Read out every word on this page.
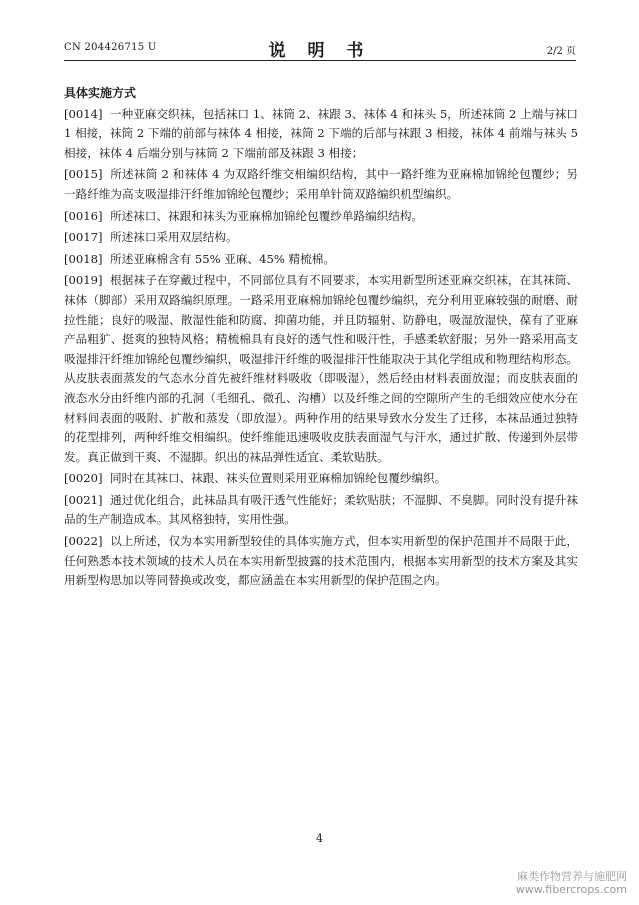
CN 204426715 U	说 明 书	2/2 页
具体实施方式

[0014] 一种亚麻交织袜，包括袜口 1、袜筒 2、袜跟 3、袜体 4 和袜头 5，所述袜筒 2 上端与袜口 1 相接，袜筒 2 下端的前部与袜体 4 相接，袜筒 2 下端的后部与袜跟 3 相接，袜体 4 前端与袜头 5 相接，袜体 4 后端分别与袜筒 2 下端前部及袜跟 3 相接；

[0015] 所述袜筒 2 和袜体 4 为双路纤维交相编织结构，其中一路纤维为亚麻棉加锦纶包覆纱；另一路纤维为高支吸湿排汗纤维加锦纶包覆纱；采用单针筒双路编织机型编织。

[0016] 所述袜口、袜跟和袜头为亚麻棉加锦纶包覆纱单路编织结构。

[0017] 所述袜口采用双层结构。

[0018] 所述亚麻棉含有 55% 亚麻、45% 精梳棉。

[0019] 根据袜子在穿戴过程中，不同部位具有不同要求，本实用新型所述亚麻交织袜，在其袜筒、袜体（脚部）采用双路编织原理。一路采用亚麻棉加锦纶包覆纱编织，充分利用亚麻较强的耐磨、耐拉性能；良好的吸湿、散湿性能和防腐、抑菌功能，并且防辐射、防静电，吸湿放湿快，葆有了亚麻产品粗犷、挺爽的独特风格；精梳棉具有良好的透气性和吸汗性，手感柔软舒服；另外一路采用高支吸湿排汗纤维加锦纶包覆纱编织，吸湿排汗纤维的吸湿排汗性能取决于其化学组成和物理结构形态。从皮肤表面蒸发的气态水分首先被纤维材料吸收（即吸湿），然后经由材料表面放湿；而皮肤表面的液态水分由纤维内部的孔洞（毛细孔、微孔、沟槽）以及纤维之间的空隙所产生的毛细效应使水分在材料间表面的吸附、扩散和蒸发（即放湿）。两种作用的结果导致水分发生了迁移，本袜品通过独特的花型排列，两种纤维交相编织。使纤维能迅速吸收皮肤表面湿气与汗水，通过扩散、传递到外层带发。真正做到干爽、不湿脚。织出的袜品弹性适宜、柔软贴肤。

[0020] 同时在其袜口、袜跟、袜头位置则采用亚麻棉加锦纶包覆纱编织。

[0021] 通过优化组合，此袜品具有吸汗透气性能好；柔软贴肤；不湿脚、不臭脚。同时没有提升袜品的生产制造成本。其风格独特，实用性强。

[0022] 以上所述，仅为本实用新型较佳的具体实施方式，但本实用新型的保护范围并不局限于此，任何熟悉本技术领域的技术人员在本实用新型披露的技术范围内，根据本实用新型的技术方案及其实用新型构思加以等同替换或改变，都应涵盖在本实用新型的保护范围之内。

4
麻类作物营养与施肥网
www.fibercrops.com
